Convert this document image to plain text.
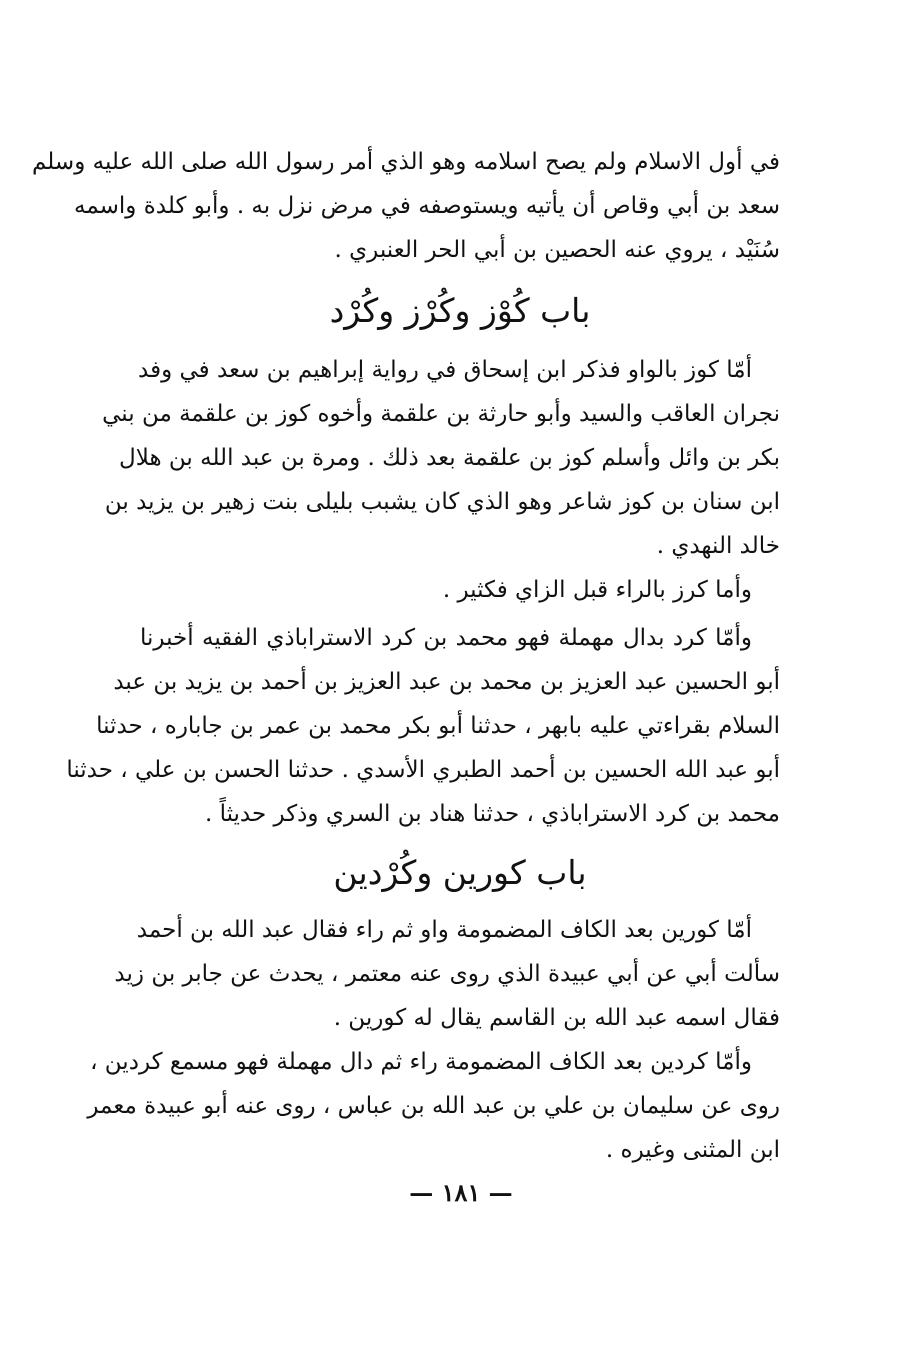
في أول الاسلام ولم يصح اسلامه وهو الذي أمر رسول الله صلى الله عليه وسلم
سعد بن أبي وقاص أن يأتيه ويستوصفه في مرض نزل به . وأبو كلدة واسمه
سُنَيْد ، يروي عنه الحصين بن أبي الحر العنبري .
باب كُوْز وكُرْز وكُرْد
أمّا كوز بالواو فذكر ابن إسحاق في رواية إبراهيم بن سعد في وفد
نجران العاقب والسيد وأبو حارثة بن علقمة وأخوه كوز بن علقمة من بني
بكر بن وائل وأسلم كوز بن علقمة بعد ذلك . ومرة بن عبد الله بن هلال
ابن سنان بن كوز شاعر وهو الذي كان يشبب بليلى بنت زهير بن يزيد بن
خالد النهدي .
وأما كرز بالراء قبل الزاي فكثير .
وأمّا كرد بدال مهملة فهو محمد بن كرد الاستراباذي الفقيه أخبرنا
أبو الحسين عبد العزيز بن محمد بن عبد العزيز بن أحمد بن يزيد بن عبد
السلام بقراءتي عليه بابهر ، حدثنا أبو بكر محمد بن عمر بن جاباره ، حدثنا
أبو عبد الله الحسين بن أحمد الطبري الأسدي . حدثنا الحسن بن علي ، حدثنا
محمد بن كرد الاستراباذي ، حدثنا هناد بن السري وذكر حديثاً .
باب كورين وكُرْدين
أمّا كورين بعد الكاف المضمومة واو ثم راء فقال عبد الله بن أحمد
سألت أبي عن أبي عبيدة الذي روى عنه معتمر ، يحدث عن جابر بن زيد
فقال اسمه عبد الله بن القاسم يقال له كورين .
وأمّا كردين بعد الكاف المضمومة راء ثم دال مهملة فهو مسمع كردين ،
روى عن سليمان بن علي بن عبد الله بن عباس ، روى عنه أبو عبيدة معمر
ابن المثنى وغيره .
— ١٨١ —
